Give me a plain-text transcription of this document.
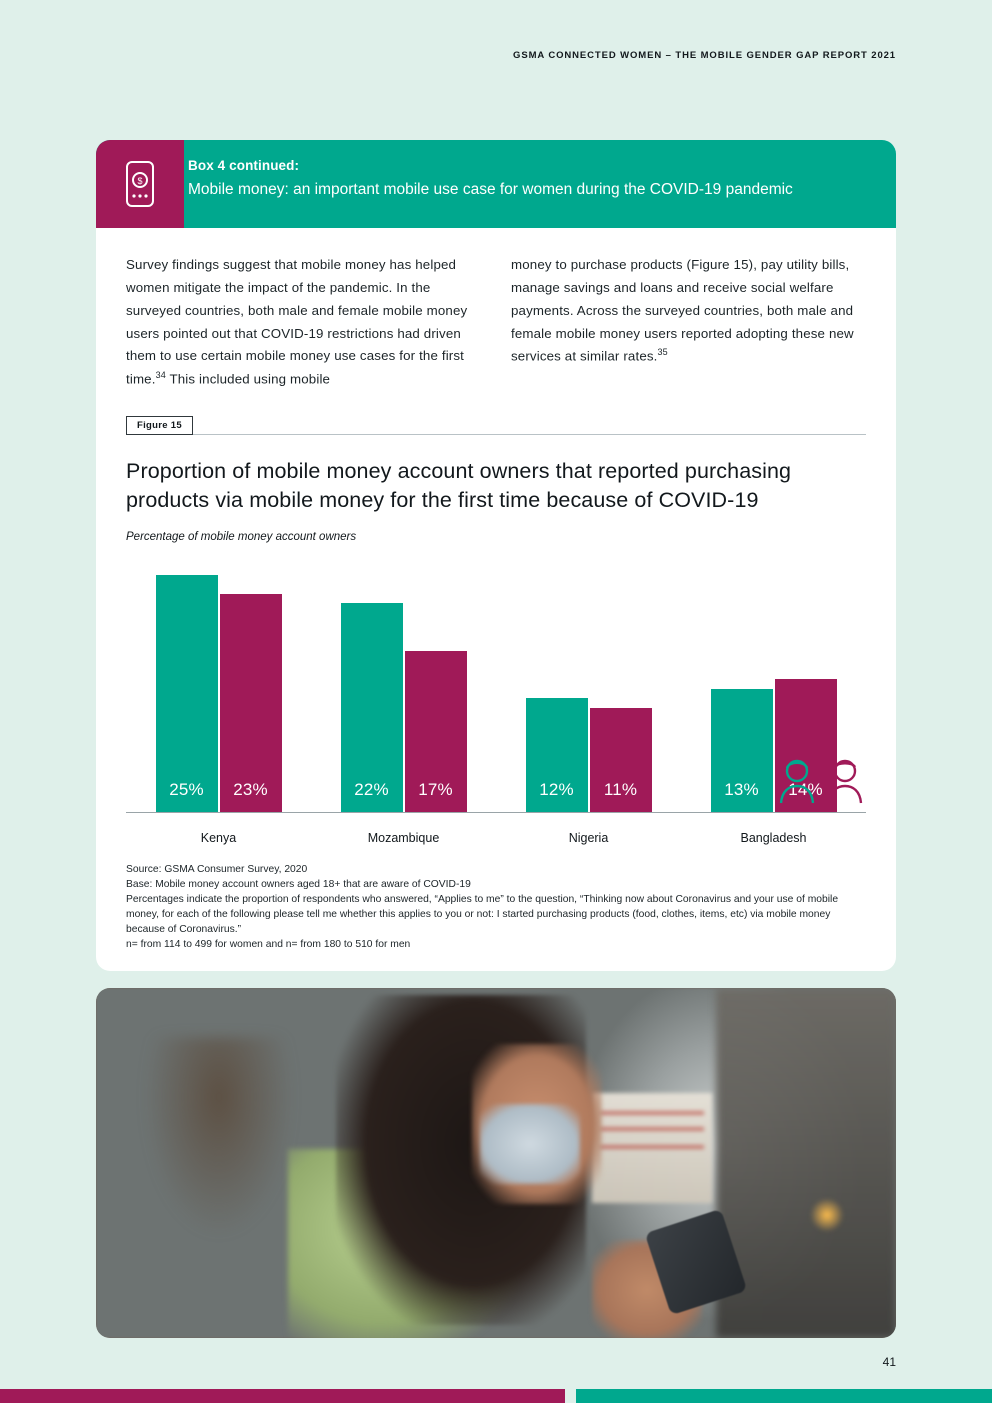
GSMA CONNECTED WOMEN – THE MOBILE GENDER GAP REPORT 2021
$
Box 4 continued:
Mobile money: an important mobile use case for women during the COVID-19 pandemic
Survey findings suggest that mobile money has helped women mitigate the impact of the pandemic. In the surveyed countries, both male and female mobile money users pointed out that COVID-19 restrictions had driven them to use certain mobile money use cases for the first time.$^{34}$ This included using mobile
money to purchase products (Figure 15), pay utility bills, manage savings and loans and receive social welfare payments. Across the surveyed countries, both male and female mobile money users reported adopting these new services at similar rates.$^{35}$
Figure 15
Proportion of mobile money account owners that reported purchasing products via mobile money for the first time because of COVID-19
Percentage of mobile money account owners
25% 23%	22% 17%	12% 11%	13% 14%
Kenya	Mozambique	Nigeria	Bangladesh
Source: GSMA Consumer Survey, 2020
Base: Mobile money account owners aged 18+ that are aware of COVID-19
Percentages indicate the proportion of respondents who answered, “Applies to me” to the question, “Thinking now about Coronavirus and your use of mobile money, for each of the following please tell me whether this applies to you or not: I started purchasing products (food, clothes, items, etc) via mobile money because of Coronavirus.”
n= from 114 to 499 for women and n= from 180 to 510 for men
41
